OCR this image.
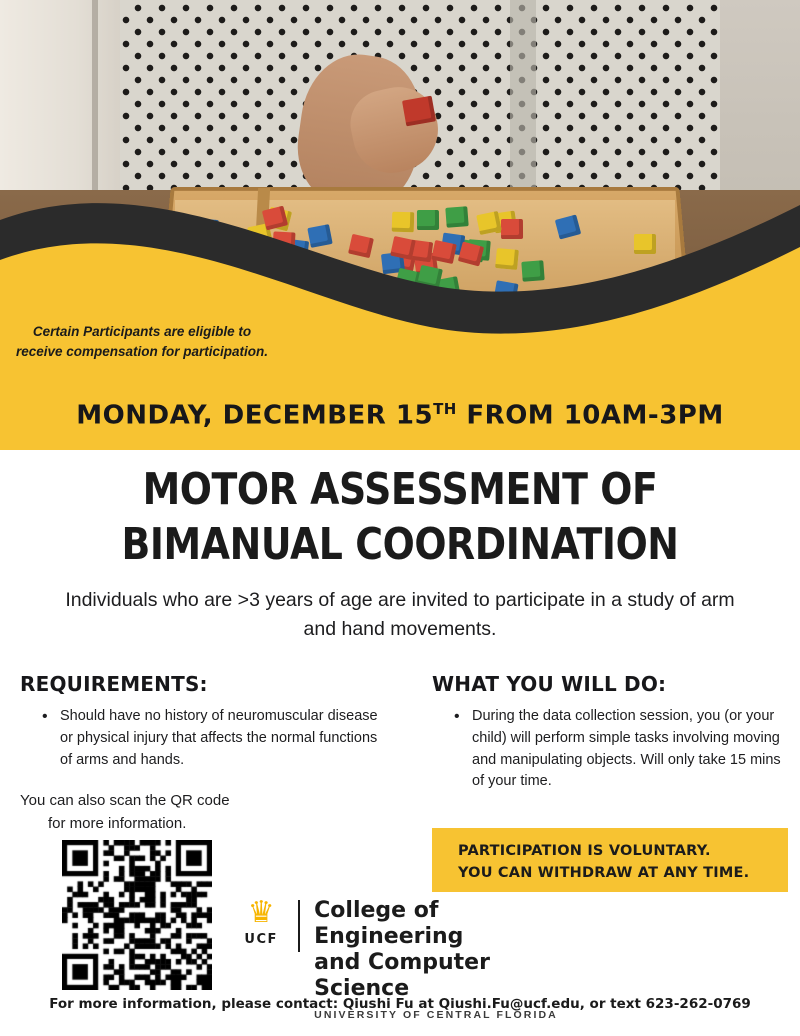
Certain Participants are eligible to receive compensation for participation.
MONDAY, DECEMBER 15TH FROM 10AM-3PM
MOTOR ASSESSMENT OF
BIMANUAL COORDINATION
Individuals who are >3 years of age are invited to participate in a study of arm and hand movements.
REQUIREMENTS:
• Should have no history of neuromuscular disease or physical injury that affects the normal functions of arms and hands.
WHAT YOU WILL DO:
• During the data collection session, you (or your child) will perform simple tasks involving moving and manipulating objects. Will only take 15 mins of your time.
You can also scan the QR code
for more information.
PARTICIPATION IS VOLUNTARY.
YOU CAN WITHDRAW AT ANY TIME.
♛
UCF
College of Engineering
and Computer Science
UNIVERSITY OF CENTRAL FLORIDA
For more information, please contact: Qiushi Fu at Qiushi.Fu@ucf.edu, or text 623-262-0769
